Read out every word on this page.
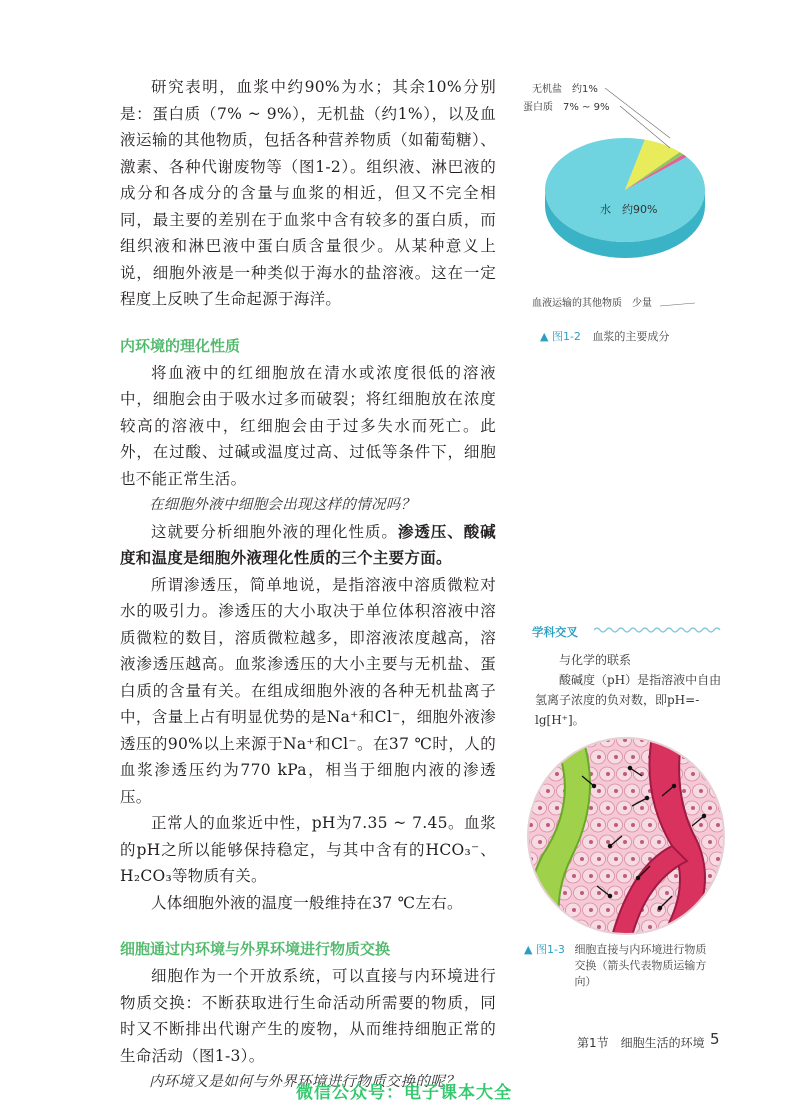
研究表明，血浆中约90%为水；其余10%分别是：蛋白质（7% ~ 9%），无机盐（约1%），以及血液运输的其他物质，包括各种营养物质（如葡萄糖）、激素、各种代谢废物等（图1-2）。组织液、淋巴液的成分和各成分的含量与血浆的相近，但又不完全相同，最主要的差别在于血浆中含有较多的蛋白质，而组织液和淋巴液中蛋白质含量很少。从某种意义上说，细胞外液是一种类似于海水的盐溶液。这在一定程度上反映了生命起源于海洋。

内环境的理化性质

将血液中的红细胞放在清水或浓度很低的溶液中，细胞会由于吸水过多而破裂；将红细胞放在浓度较高的溶液中，红细胞会由于过多失水而死亡。此外，在过酸、过碱或温度过高、过低等条件下，细胞也不能正常生活。

在细胞外液中细胞会出现这样的情况吗？

这就要分析细胞外液的理化性质。渗透压、酸碱度和温度是细胞外液理化性质的三个主要方面。

所谓渗透压，简单地说，是指溶液中溶质微粒对水的吸引力。渗透压的大小取决于单位体积溶液中溶质微粒的数目，溶质微粒越多，即溶液浓度越高，溶液渗透压越高。血浆渗透压的大小主要与无机盐、蛋白质的含量有关。在组成细胞外液的各种无机盐离子中，含量上占有明显优势的是Na⁺和Cl⁻，细胞外液渗透压的90%以上来源于Na⁺和Cl⁻。在37 ℃时，人的血浆渗透压约为770 kPa，相当于细胞内液的渗透压。

正常人的血浆近中性，pH为7.35 ~ 7.45。血浆的pH之所以能够保持稳定，与其中含有的HCO₃⁻、H₂CO₃等物质有关。

人体细胞外液的温度一般维持在37 ℃左右。

细胞通过内环境与外界环境进行物质交换

细胞作为一个开放系统，可以直接与内环境进行物质交换：不断获取进行生命活动所需要的物质，同时又不断排出代谢产生的废物，从而维持细胞正常的生命活动（图1-3）。

内环境又是如何与外界环境进行物质交换的呢？

无机盐　约1%
蛋白质　7% ~ 9%
水　约90%
血液运输的其他物质　少量
▲ 图1-2 血浆的主要成分
学科交叉

与化学的联系

酸碱度（pH）是指溶液中自由氢离子浓度的负对数，即pH=-lg[H⁺]。

▲ 图1-3 细胞直接与内环境进行物质交换（箭头代表物质运输方向）
第1节　细胞生活的环境 5
微信公众号：电子课本大全
